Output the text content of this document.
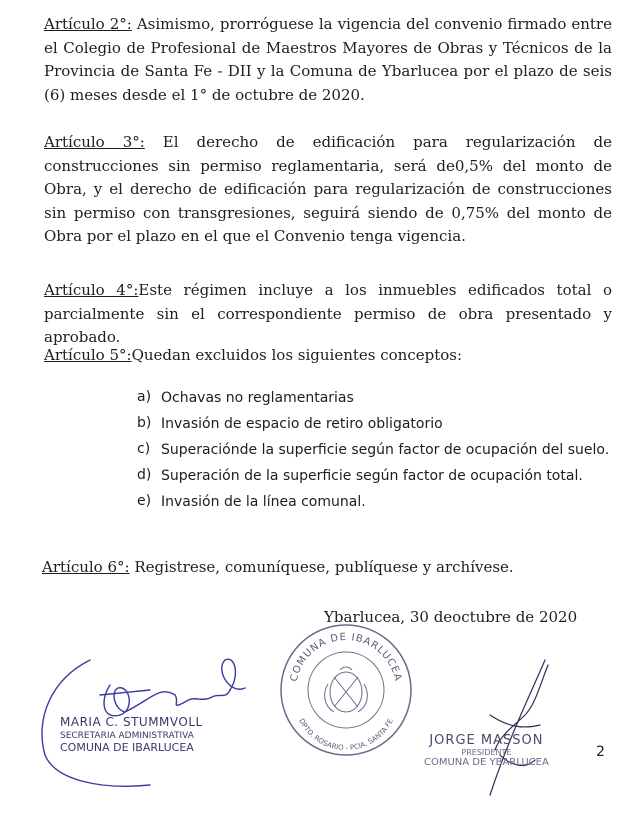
Artículo 2°: Asimismo, prorróguese la vigencia del convenio firmado entre el Colegio de Profesional de Maestros Mayores de Obras y Técnicos de la Provincia de Santa Fe - DII y la Comuna de Ybarlucea por el plazo de seis (6) meses desde el 1° de octubre de 2020.

Artículo 3°: El derecho de edificación para regularización de construcciones sin permiso reglamentaria, será de0,5% del monto de Obra, y el derecho de edificación para regularización de construcciones sin permiso con transgresiones, seguirá siendo de 0,75% del monto de Obra por el plazo en el que el Convenio tenga vigencia.

Artículo 4°:Este régimen incluye a los inmuebles edificados total o parcialmente sin el correspondiente permiso de obra presentado y aprobado.

Artículo 5°:Quedan excluidos los siguientes conceptos:

a) Ochavas no reglamentarias
b) Invasión de espacio de retiro obligatorio
c) Superaciónde la superficie según factor de ocupación del suelo.
d) Superación de la superficie según factor de ocupación total.
e) Invasión de la línea comunal.

Artículo 6°: Registrese, comuníquese, publíquese y archívese.

Ybarlucea, 30 deoctubre de 2020
MARIA C. STUMMVOLL
SECRETARIA ADMINISTRATIVA
COMUNA DE IBARLUCEA
COMUNA DE IBARLUCEA
DPTO. ROSARIO - PCIA. SANTA FE
JORGE MASSON
PRESIDENTE
COMUNA DE YBARLUCEA
2
